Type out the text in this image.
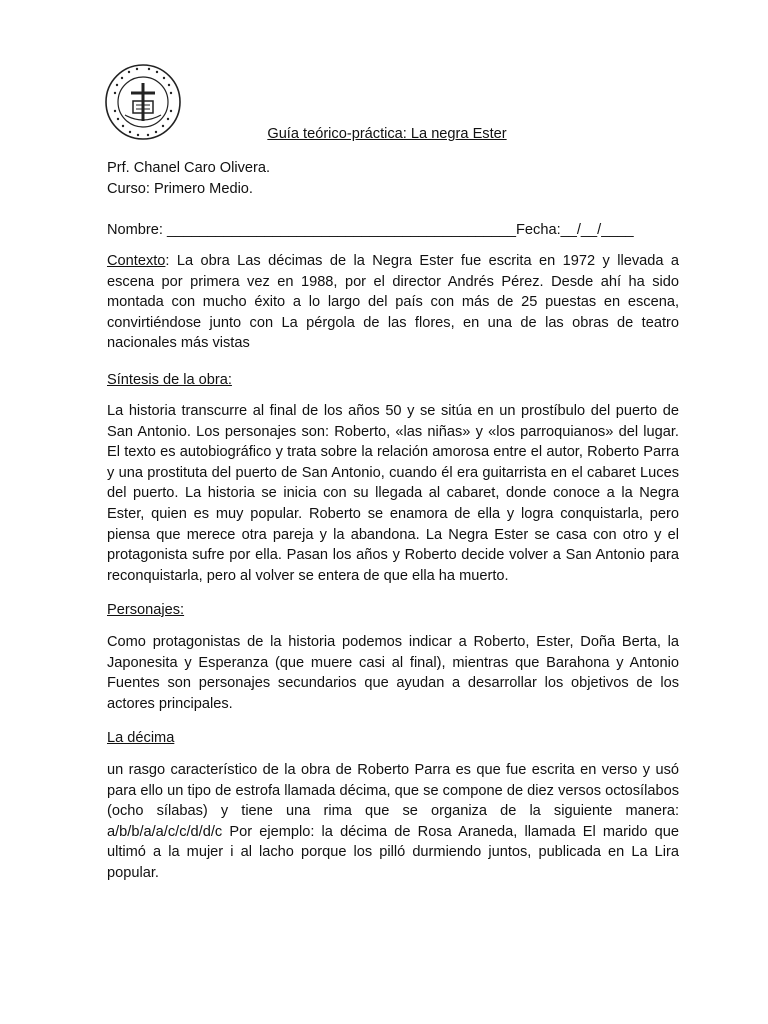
Guía teórico-práctica: La negra Ester

Prf. Chanel Caro Olivera.

Curso: Primero Medio.

Nombre: ___________________________________________Fecha:__/__/____

Contexto: La obra Las décimas de la Negra Ester fue escrita en 1972 y llevada a escena por primera vez en 1988, por el director Andrés Pérez. Desde ahí ha sido montada con mucho éxito a lo largo del país con más de 25 puestas en escena, convirtiéndose junto con La pérgola de las flores, en una de las obras de teatro nacionales más vistas

Síntesis de la obra:

La historia transcurre al final de los años 50 y se sitúa en un prostíbulo del puerto de San Antonio. Los personajes son: Roberto, «las niñas» y «los parroquianos» del lugar. El texto es autobiográfico y trata sobre la relación amorosa entre el autor, Roberto Parra y una prostituta del puerto de San Antonio, cuando él era guitarrista en el cabaret Luces del puerto. La historia se inicia con su llegada al cabaret, donde conoce a la Negra Ester, quien es muy popular. Roberto se enamora de ella y logra conquistarla, pero piensa que merece otra pareja y la abandona. La Negra Ester se casa con otro y el protagonista sufre por ella. Pasan los años y Roberto decide volver a San Antonio para reconquistarla, pero al volver se entera de que ella ha muerto.

Personajes:

Como protagonistas de la historia podemos indicar a Roberto, Ester, Doña Berta, la Japonesita y Esperanza (que muere casi al final), mientras que Barahona y Antonio Fuentes son personajes secundarios que ayudan a desarrollar los objetivos de los actores principales.

La décima

un rasgo característico de la obra de Roberto Parra es que fue escrita en verso y usó para ello un tipo de estrofa llamada décima, que se compone de diez versos octosílabos (ocho sílabas) y tiene una rima que se organiza de la siguiente manera: a/b/b/a/a/c/c/d/d/c Por ejemplo: la décima de Rosa Araneda, llamada El marido que ultimó a la mujer i al lacho porque los pilló durmiendo juntos, publicada en La Lira popular.
